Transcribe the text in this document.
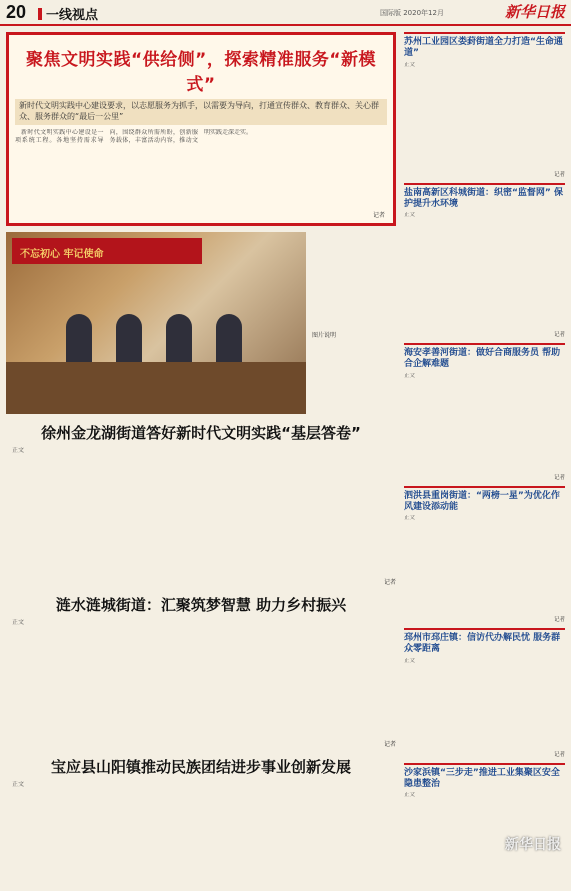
20	一线视点	国际版 2020年12月	新华日报
聚焦文明实践“供给侧”，探索精准服务“新模式”
新时代文明实践中心建设要求，以志愿服务为抓手，以需要为导向，打通宣传群众、教育群众、关心群众、服务群众的“最后一公里”

新时代文明实践中心建设是一项系统工程。各地坚持需求导向，围绕群众所需所盼，创新服务载体，丰富活动内容，推动文明实践走深走实。

记者
不忘初心 牢记使命
图片说明
徐州金龙湖街道答好新时代文明实践“基层答卷”

正文

记者
涟水涟城街道：汇聚筑梦智慧 助力乡村振兴

正文

记者
宝应县山阳镇推动民族团结进步事业创新发展

正文

苏州工业园区娄葑街道全力打造“生命通道”
正文
记者
盐南高新区科城街道：织密“监督网” 保护提升水环境
正文
记者
海安孝善河街道：做好合商服务员 帮助合企解难题
正文
记者
泗洪县重岗街道：“两榜一星”为优化作风建设添动能
正文
记者
邳州市邳庄镇：信访代办解民忧 服务群众零距离
正文
记者
沙家浜镇“三步走”推进工业集聚区安全隐患整治
正文
新华日报
